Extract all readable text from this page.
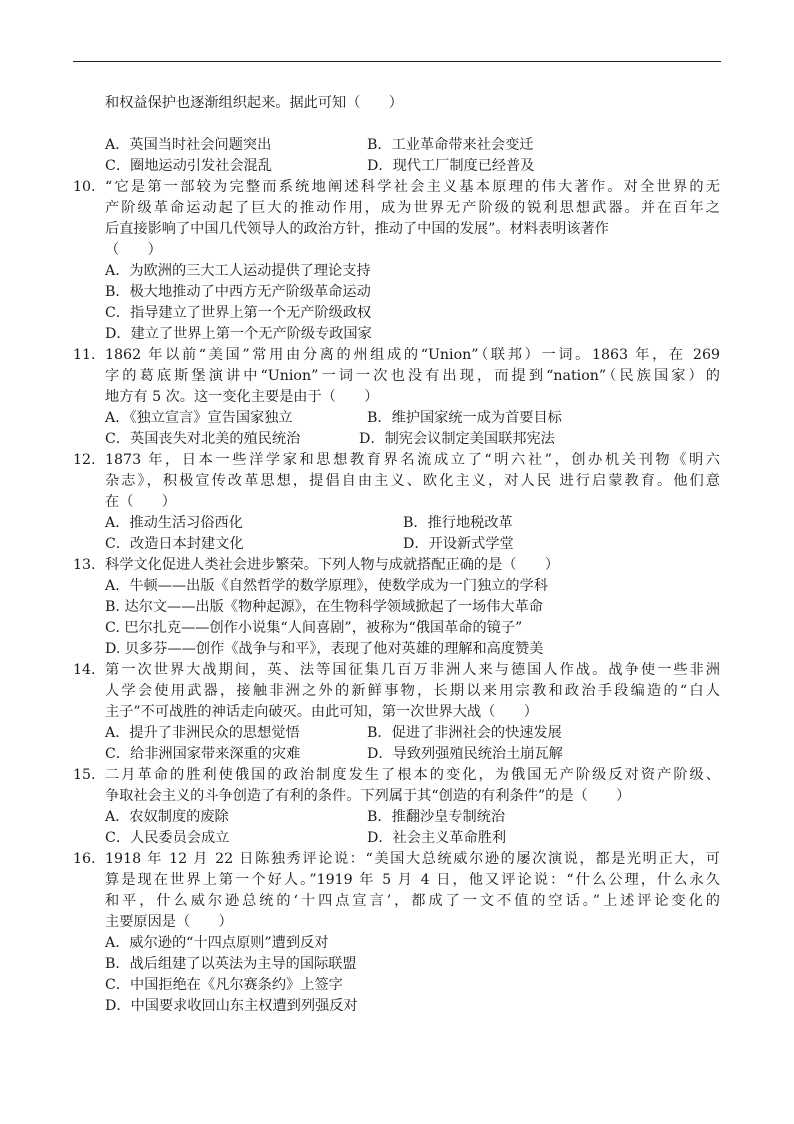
和权益保护也逐渐组织起来。据此可知（　　）
A．英国当时社会问题突出	B．工业革命带来社会变迁
C．圈地运动引发社会混乱	D．现代工厂制度已经普及
10. “它是第一部较为完整而系统地阐述科学社会主义基本原理的伟大著作。对全世界的无
产阶级革命运动起了巨大的推动作用，成为世界无产阶级的锐利思想武器。并在百年之
后直接影响了中国几代领导人的政治方针，推动了中国的发展”。材料表明该著作
（　　）
A．为欧洲的三大工人运动提供了理论支持
B．极大地推动了中西方无产阶级革命运动
C．指导建立了世界上第一个无产阶级政权
D．建立了世界上第一个无产阶级专政国家
11. 1862 年以前“美国”常用由分离的州组成的“Union”（联邦）一词。1863 年，在 269
字的葛底斯堡演讲中“Union”一词一次也没有出现，而提到“nation”（民族国家）的
地方有 5 次。这一变化主要是由于（　　）
A．《独立宣言》宣告国家独立	B．维护国家统一成为首要目标
C．英国丧失对北美的殖民统治	D．制宪会议制定美国联邦宪法
12. 1873 年，日本一些洋学家和思想教育界名流成立了“明六社”，创办机关刊物《明六
杂志》，积极宣传改革思想，提倡自由主义、欧化主义，对人民 进行启蒙教育。他们意
在（　　）
A．推动生活习俗西化	B．推行地税改革
C．改造日本封建文化	D．开设新式学堂
13. 科学文化促进人类社会进步繁荣。下列人物与成就搭配正确的是（　　）
A．牛顿——出版《自然哲学的数学原理》，使数学成为一门独立的学科
B. 达尔文——出版《物种起源》，在生物科学领域掀起了一场伟大革命
C. 巴尔扎克——创作小说集“人间喜剧”，被称为“俄国革命的镜子”
D. 贝多芬——创作《战争与和平》，表现了他对英雄的理解和高度赞美
14. 第一次世界大战期间，英、法等国征集几百万非洲人来与德国人作战。战争使一些非洲
人学会使用武器，接触非洲之外的新鲜事物，长期以来用宗教和政治手段编造的“白人
主子”不可战胜的神话走向破灭。由此可知，第一次世界大战（　　）
A．提升了非洲民众的思想觉悟	B．促进了非洲社会的快速发展
C．给非洲国家带来深重的灾难	D．导致列强殖民统治土崩瓦解
15. 二月革命的胜利使俄国的政治制度发生了根本的变化，为俄国无产阶级反对资产阶级、
争取社会主义的斗争创造了有利的条件。下列属于其“创造的有利条件”的是（　　）
A．农奴制度的废除	B．推翻沙皇专制统治
C．人民委员会成立	D．社会主义革命胜利
16. 1918 年 12 月 22 日陈独秀评论说：“美国大总统威尔逊的屡次演说，都是光明正大，可
算是现在世界上第一个好人。”1919 年 5 月 4 日，他又评论说：“什么公理，什么永久
和平，什么威尔逊总统的‘十四点宣言’，都成了一文不值的空话。”上述评论变化的
主要原因是（　　）
A．威尔逊的“十四点原则”遭到反对
B．战后组建了以英法为主导的国际联盟
C．中国拒绝在《凡尔赛条约》上签字
D．中国要求收回山东主权遭到列强反对
